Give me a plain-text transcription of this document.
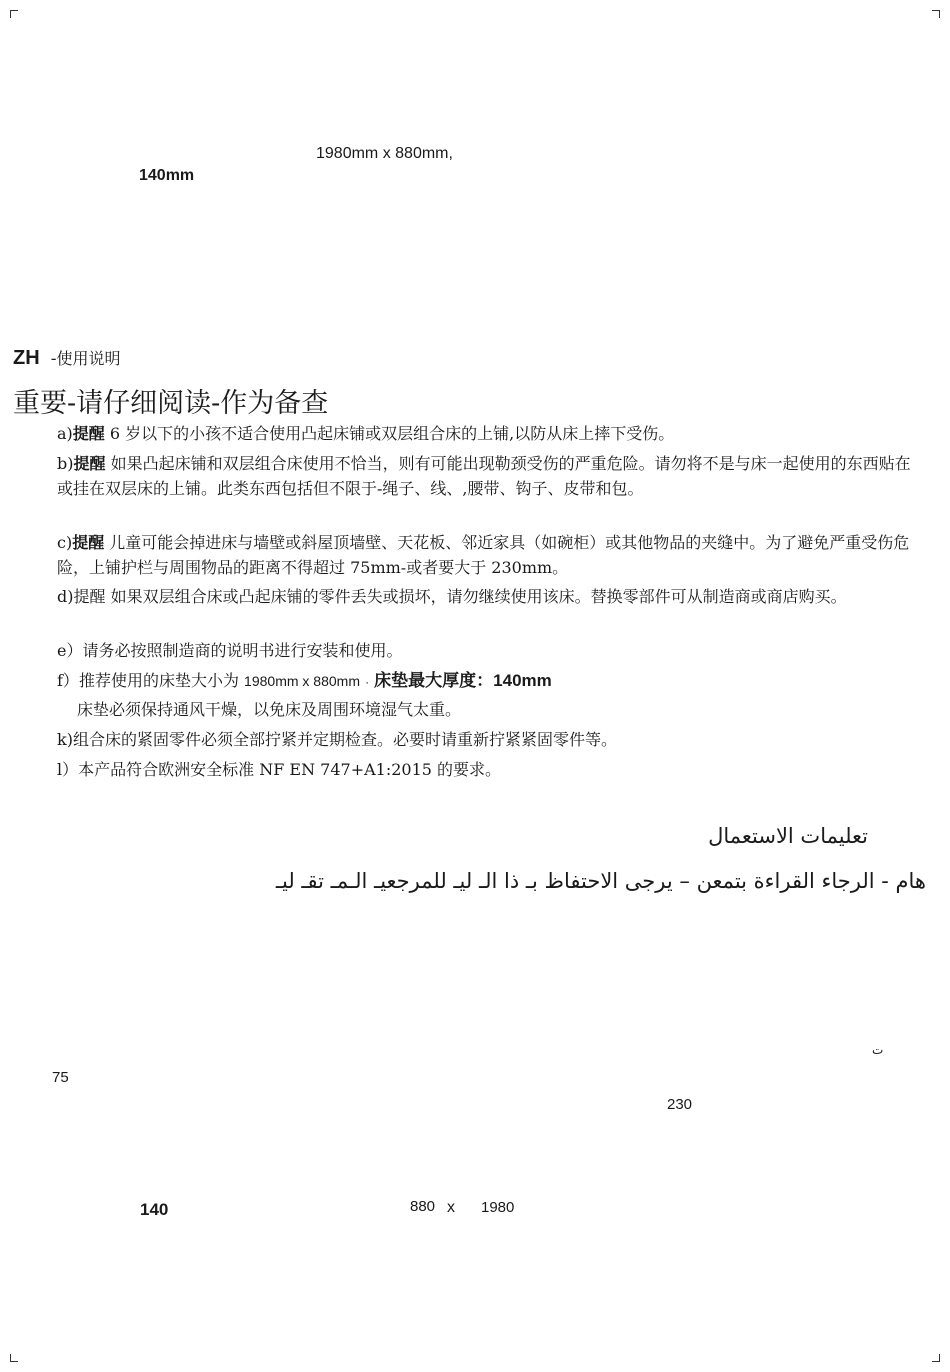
1980mm x 880mm,
140mm
ZH -使用说明
重要-请仔细阅读-作为备查
a)提醒 6 岁以下的小孩不适合使用凸起床铺或双层组合床的上铺,以防从床上摔下受伤。
b)提醒 如果凸起床铺和双层组合床使用不恰当，则有可能出现勒颈受伤的严重危险。请勿将不是与床一起使用的东西贴在或挂在双层床的上铺。此类东西包括但不限于-绳子、线、,腰带、钩子、皮带和包。
c)提醒 儿童可能会掉进床与墙壁或斜屋顶墙壁、天花板、邻近家具（如碗柜）或其他物品的夹缝中。为了避免严重受伤危险，上铺护栏与周围物品的距离不得超过 75mm-或者要大于 230mm。
d)提醒 如果双层组合床或凸起床铺的零件丢失或损坏，请勿继续使用该床。替换零部件可从制造商或商店购买。
e）请务必按照制造商的说明书进行安装和使用。
f）推荐使用的床垫大小为 1980mm x 880mm · 床垫最大厚度：140mm
床垫必须保持通风干燥，以免床及周围环境湿气太重。
k)组合床的紧固零件必须全部拧紧并定期检查。必要时请重新拧紧紧固零件等。
l）本产品符合欧洲安全标准 NF EN 747+A1:2015 的要求。
تعليمات الاستعمال
هام - الرجاء القراءة بتمعن – يرجى الاحتفاظ بـ ذا الـ ليـ للمرجعيـ الـمـ تقـ ليـ
ت
75
230
140	880 x 1980
